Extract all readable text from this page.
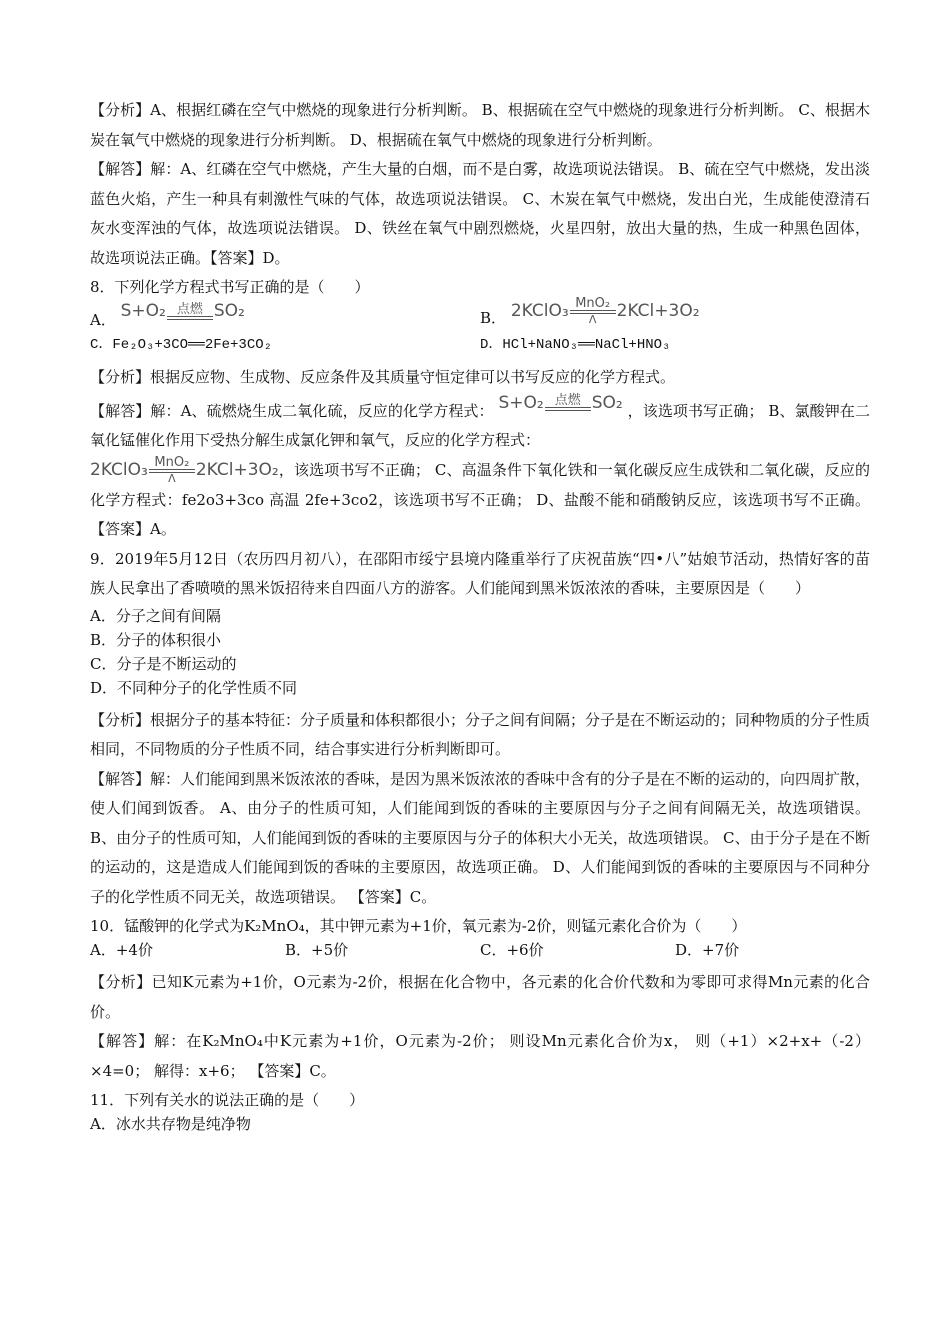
【分析】A、根据红磷在空气中燃烧的现象进行分析判断。 B、根据硫在空气中燃烧的现象进行分析判断。 C、根据木炭在氧气中燃烧的现象进行分析判断。 D、根据硫在氧气中燃烧的现象进行分析判断。

【解答】解：A、红磷在空气中燃烧，产生大量的白烟，而不是白雾，故选项说法错误。 B、硫在空气中燃烧，发出淡蓝色火焰，产生一种具有刺激性气味的气体，故选项说法错误。 C、木炭在氧气中燃烧，发出白光，生成能使澄清石灰水变浑浊的气体，故选项说法错误。 D、铁丝在氧气中剧烈燃烧，火星四射，放出大量的热，生成一种黑色固体，故选项说法正确。【答案】D。

8．下列化学方程式书写正确的是（　　）

A． S+O₂ 点燃 SO₂	B． 2KClO₃ MnO₂
Λ 2KCl+3O₂
C．Fe₂O₃+3CO══2Fe+3CO₂	D．HCl+NaNO₃══NaCl+HNO₃

【分析】根据反应物、生成物、反应条件及其质量守恒定律可以书写反应的化学方程式。

【解答】解：A、硫燃烧生成二氧化硫，反应的化学方程式： S+O₂ 点燃 SO₂ ，该选项书写正确； B、氯酸钾在二氧化锰催化作用下受热分解生成氯化钾和氧气，反应的化学方程式：
2KClO₃ MnO₂
Λ 2KCl+3O₂，该选项书写不正确； C、高温条件下氧化铁和一氧化碳反应生成铁和二氧化碳，反应的化学方程式：fe2o3+3co 高温 2fe+3co2，该选项书写不正确； D、盐酸不能和硝酸钠反应，该选项书写不正确。 【答案】A。

9．2019年5月12日（农历四月初八），在邵阳市绥宁县境内隆重举行了庆祝苗族“四•八”姑娘节活动，热情好客的苗族人民拿出了香喷喷的黑米饭招待来自四面八方的游客。人们能闻到黑米饭浓浓的香味，主要原因是（　　）

A．分子之间有间隔

B．分子的体积很小

C．分子是不断运动的

D．不同种分子的化学性质不同

【分析】根据分子的基本特征：分子质量和体积都很小；分子之间有间隔；分子是在不断运动的；同种物质的分子性质相同，不同物质的分子性质不同，结合事实进行分析判断即可。

【解答】解：人们能闻到黑米饭浓浓的香味，是因为黑米饭浓浓的香味中含有的分子是在不断的运动的，向四周扩散，使人们闻到饭香。 A、由分子的性质可知，人们能闻到饭的香味的主要原因与分子之间有间隔无关，故选项错误。 B、由分子的性质可知，人们能闻到饭的香味的主要原因与分子的体积大小无关，故选项错误。 C、由于分子是在不断的运动的，这是造成人们能闻到饭的香味的主要原因，故选项正确。 D、人们能闻到饭的香味的主要原因与不同种分子的化学性质不同无关，故选项错误。 【答案】C。

10．锰酸钾的化学式为K₂MnO₄，其中钾元素为+1价，氧元素为-2价，则锰元素化合价为（　　）

A．+4价	B．+5价	C．+6价	D．+7价

【分析】已知K元素为+1价，O元素为-2价，根据在化合物中，各元素的化合价代数和为零即可求得Mn元素的化合价。

【解答】解：在K₂MnO₄中K元素为+1价，O元素为-2价； 则设Mn元素化合价为x， 则（+1）×2+x+（-2）×4=0； 解得：x+6； 【答案】C。

11．下列有关水的说法正确的是（　　）

A．冰水共存物是纯净物
